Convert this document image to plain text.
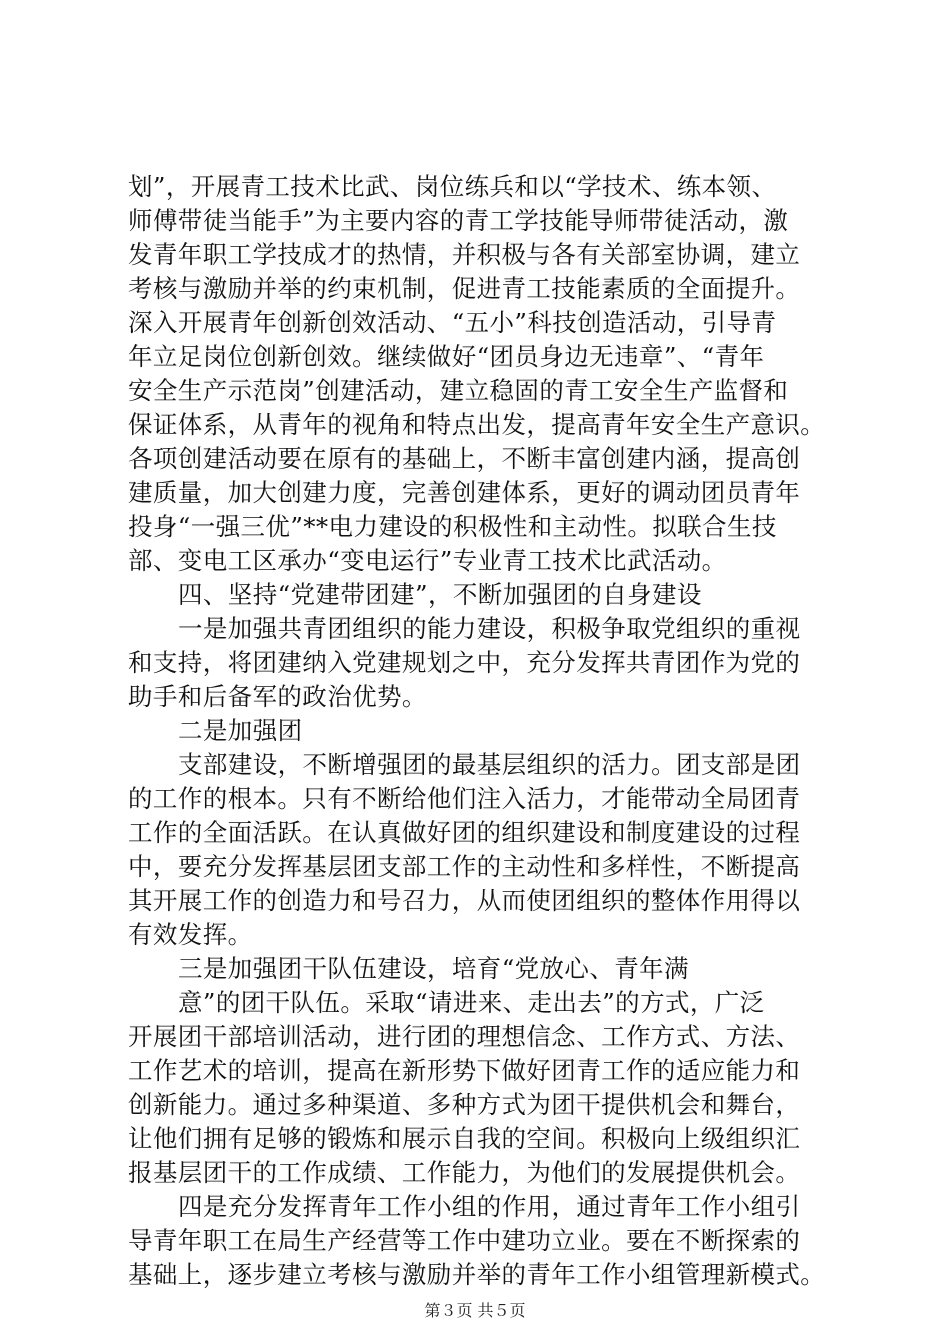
划”，开展青工技术比武、岗位练兵和以“学技术、练本领、
师傅带徒当能手”为主要内容的青工学技能导师带徒活动，激
发青年职工学技成才的热情，并积极与各有关部室协调，建立
考核与激励并举的约束机制，促进青工技能素质的全面提升。
深入开展青年创新创效活动、“五小”科技创造活动，引导青
年立足岗位创新创效。继续做好“团员身边无违章”、“青年
安全生产示范岗”创建活动，建立稳固的青工安全生产监督和
保证体系，从青年的视角和特点出发，提高青年安全生产意识。
各项创建活动要在原有的基础上，不断丰富创建内涵，提高创
建质量，加大创建力度，完善创建体系，更好的调动团员青年
投身“一强三优”**电力建设的积极性和主动性。拟联合生技
部、变电工区承办“变电运行”专业青工技术比武活动。
四、坚持“党建带团建”，不断加强团的自身建设
一是加强共青团组织的能力建设，积极争取党组织的重视
和支持，将团建纳入党建规划之中，充分发挥共青团作为党的
助手和后备军的政治优势。
二是加强团
支部建设，不断增强团的最基层组织的活力。团支部是团
的工作的根本。只有不断给他们注入活力，才能带动全局团青
工作的全面活跃。在认真做好团的组织建设和制度建设的过程
中，要充分发挥基层团支部工作的主动性和多样性，不断提高
其开展工作的创造力和号召力，从而使团组织的整体作用得以
有效发挥。
三是加强团干队伍建设，培育“党放心、青年满
意”的团干队伍。采取“请进来、走出去”的方式，广泛
开展团干部培训活动，进行团的理想信念、工作方式、方法、
工作艺术的培训，提高在新形势下做好团青工作的适应能力和
创新能力。通过多种渠道、多种方式为团干提供机会和舞台，
让他们拥有足够的锻炼和展示自我的空间。积极向上级组织汇
报基层团干的工作成绩、工作能力，为他们的发展提供机会。
四是充分发挥青年工作小组的作用，通过青年工作小组引
导青年职工在局生产经营等工作中建功立业。要在不断探索的
基础上，逐步建立考核与激励并举的青年工作小组管理新模式。
第３页 共５页
